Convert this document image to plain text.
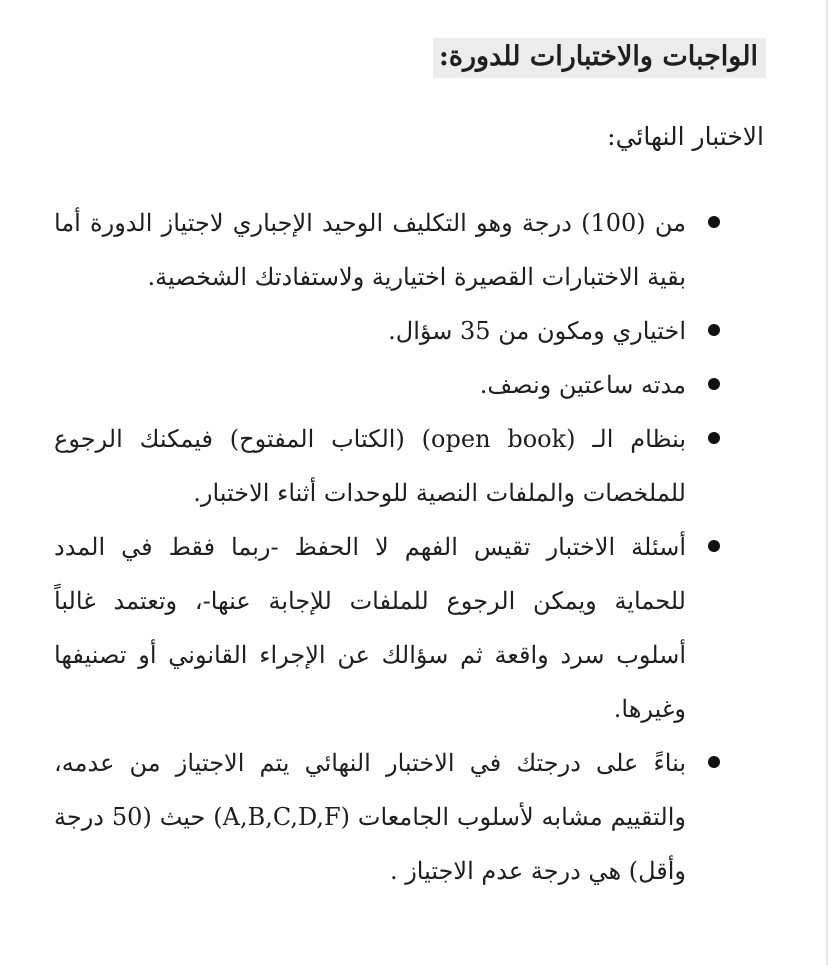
الواجبات والاختبارات للدورة:
الاختبار النهائي:
من (100) درجة وهو التكليف الوحيد الإجباري لاجتياز الدورة أما بقية الاختبارات القصيرة اختيارية ولاستفادتك الشخصية.
اختياري ومكون من 35 سؤال.
مدته ساعتين ونصف.
بنظام الـ (open book) (الكتاب المفتوح) فيمكنك الرجوع للملخصات والملفات النصية للوحدات أثناء الاختبار.
أسئلة الاختبار تقيس الفهم لا الحفظ -ربما فقط في المدد للحماية ويمكن الرجوع للملفات للإجابة عنها-، وتعتمد غالباً أسلوب سرد واقعة ثم سؤالك عن الإجراء القانوني أو تصنيفها وغيرها.
بناءً على درجتك في الاختبار النهائي يتم الاجتياز من عدمه، والتقييم مشابه لأسلوب الجامعات (A,B,C,D,F) حيث (50 درجة وأقل) هي درجة عدم الاجتياز .
